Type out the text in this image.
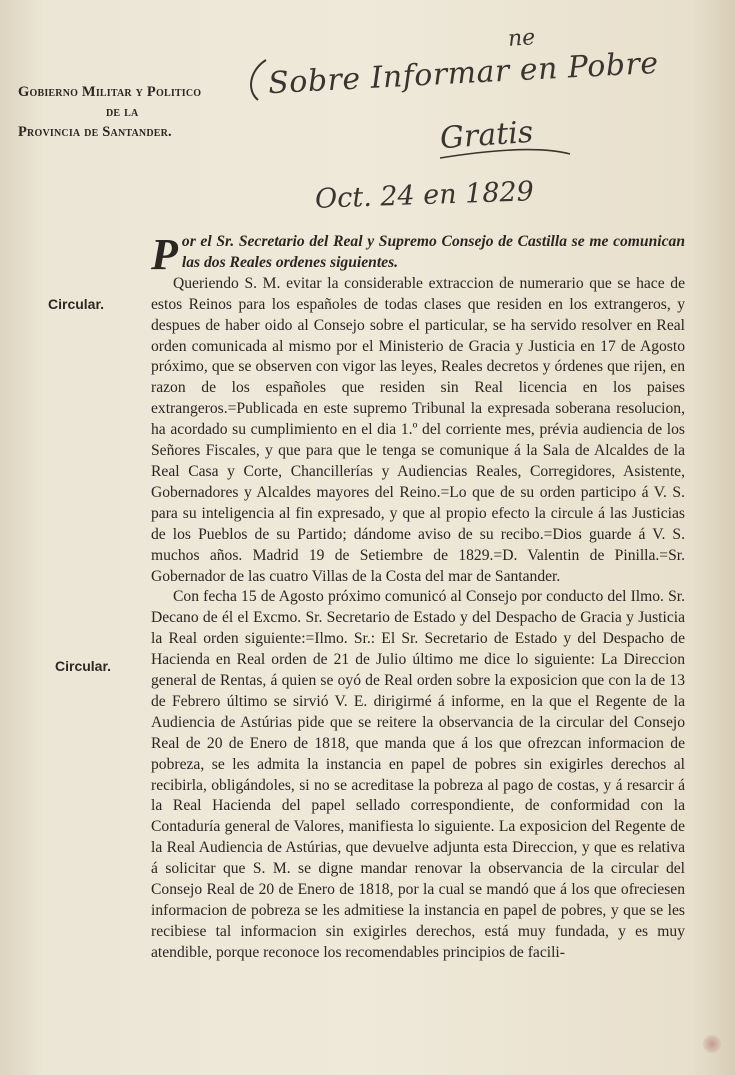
Gobierno Militar y Politico
de la
Provincia de Santander.
ne
Sobre Informar en Pobre
Gratis
Oct. 24 en 1829
Circular.
Circular.

Por el Sr. Secretario del Real y Supremo Consejo de Castilla se me comunican las dos Reales ordenes siguientes.

Queriendo S. M. evitar la considerable extraccion de numerario que se hace de estos Reinos para los españoles de todas clases que residen en los extrangeros, y despues de haber oido al Consejo sobre el particular, se ha servido resolver en Real orden comunicada al mismo por el Ministerio de Gracia y Justicia en 17 de Agosto próximo, que se observen con vigor las leyes, Reales decretos y órdenes que rijen, en razon de los españoles que residen sin Real licencia en los paises extrangeros.=Publicada en este supremo Tribunal la expresada soberana resolucion, ha acordado su cumplimiento en el dia 1.º del corriente mes, prévia audiencia de los Señores Fiscales, y que para que le tenga se comunique á la Sala de Alcaldes de la Real Casa y Corte, Chancillerías y Audiencias Reales, Corregidores, Asistente, Gobernadores y Alcaldes mayores del Reino.=Lo que de su orden participo á V. S. para su inteligencia al fin expresado, y que al propio efecto la circule á las Justicias de los Pueblos de su Partido; dándome aviso de su recibo.=Dios guarde á V. S. muchos años. Madrid 19 de Setiembre de 1829.=D. Valentin de Pinilla.=Sr. Gobernador de las cuatro Villas de la Costa del mar de Santander.

Con fecha 15 de Agosto próximo comunicó al Consejo por conducto del Ilmo. Sr. Decano de él el Excmo. Sr. Secretario de Estado y del Despacho de Gracia y Justicia la Real orden siguiente:=Ilmo. Sr.: El Sr. Secretario de Estado y del Despacho de Hacienda en Real orden de 21 de Julio último me dice lo siguiente: La Direccion general de Rentas, á quien se oyó de Real orden sobre la exposicion que con la de 13 de Febrero último se sirvió V. E. dirigirmé á informe, en la que el Regente de la Audiencia de Astúrias pide que se reitere la observancia de la circular del Consejo Real de 20 de Enero de 1818, que manda que á los que ofrezcan informacion de pobreza, se les admita la instancia en papel de pobres sin exigirles derechos al recibirla, obligándoles, si no se acreditase la pobreza al pago de costas, y á resarcir á la Real Hacienda del papel sellado correspondiente, de conformidad con la Contaduría general de Valores, manifiesta lo siguiente. La exposicion del Regente de la Real Audiencia de Astúrias, que devuelve adjunta esta Direccion, y que es relativa á solicitar que S. M. se digne mandar renovar la observancia de la circular del Consejo Real de 20 de Enero de 1818, por la cual se mandó que á los que ofreciesen informacion de pobreza se les admitiese la instancia en papel de pobres, y que se les recibiese tal informacion sin exigirles derechos, está muy fundada, y es muy atendible, porque reconoce los recomendables principios de facili-
